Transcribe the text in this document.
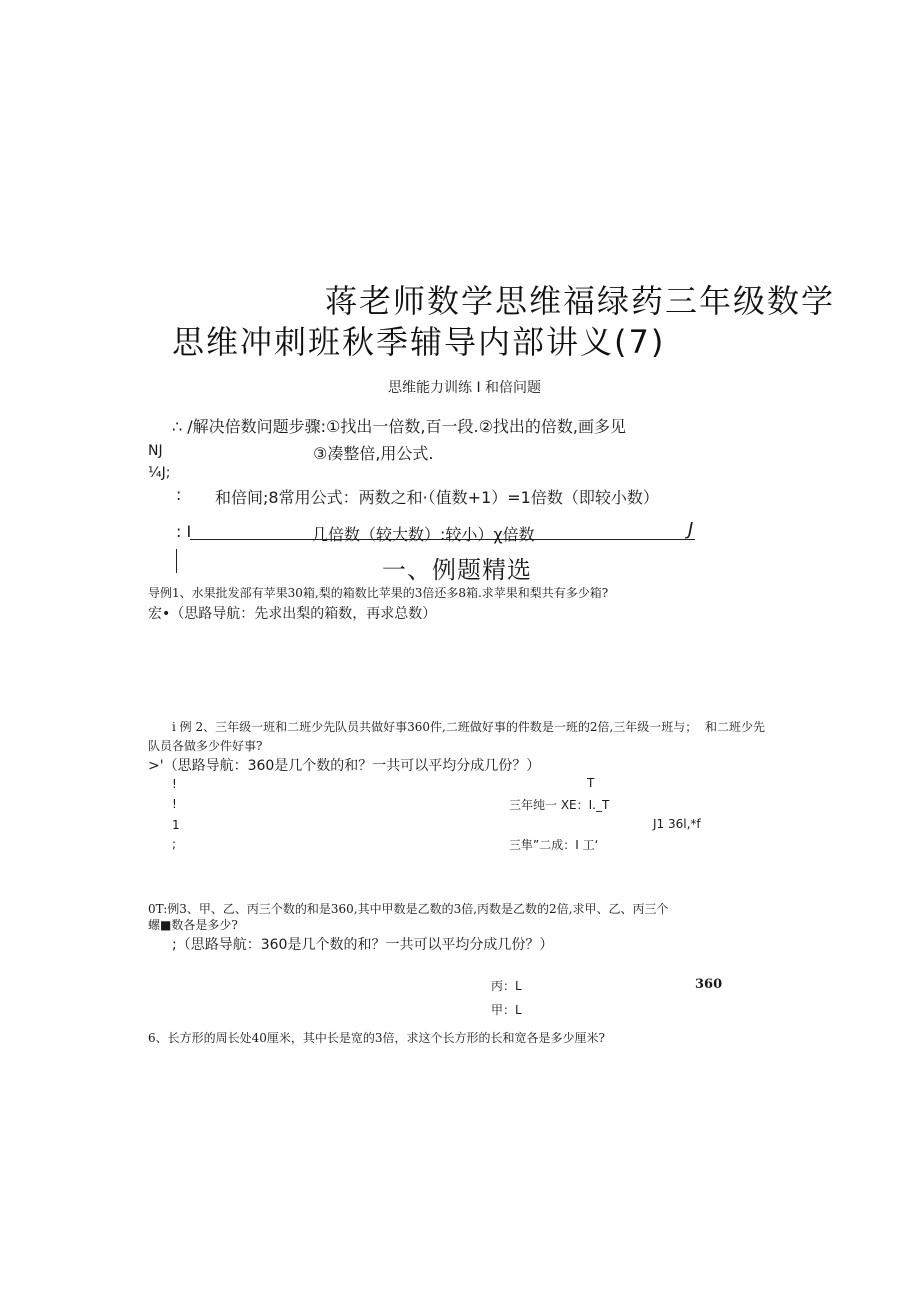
蒋老师数学思维福绿药三年级数学
思维冲刺班秋季辅导内部讲义(7)
思维能力训练 I 和倍问题
∴ /解决倍数问题步骤:①找出一倍数,百一段.②找出的倍数,画多见
NJ	③凑整倍,用公式.
¼J;
: 和倍间;8常用公式：两数之和·（值数+1）=1倍数（即较小数）
: I	几倍数（较大数）:较小）χ倍数	J
一、例题精选
导例1、水果批发部有苹果30箱,梨的箱数比苹果的3倍还多8箱.求苹果和梨共有多少箱?
宏•（思路导航：先求出梨的箱数，再求总数）
i 例 2、三年级一班和二班少先队员共做好事360件,二班做好事的件数是一班的2倍,三年级一班与； 和二班少先
队员各做多少件好事?
>'（思路导航：360是几个数的和？一共可以平均分成几份？）
!	T
!	三年纯一 XE：I._T
1	J1 36l,*f
;	三隼”二成：I 工‘
0T:例3、甲、乙、丙三个数的和是360,其中甲数是乙数的3倍,丙数是乙数的2倍,求甲、乙、丙三个
螺■数各是多少?
;（思路导航：360是几个数的和？一共可以平均分成几份？）
丙：L	360
甲：L
6、长方形的周长处40厘米，其中长是宽的3倍，求这个长方形的长和宽各是多少厘米?
